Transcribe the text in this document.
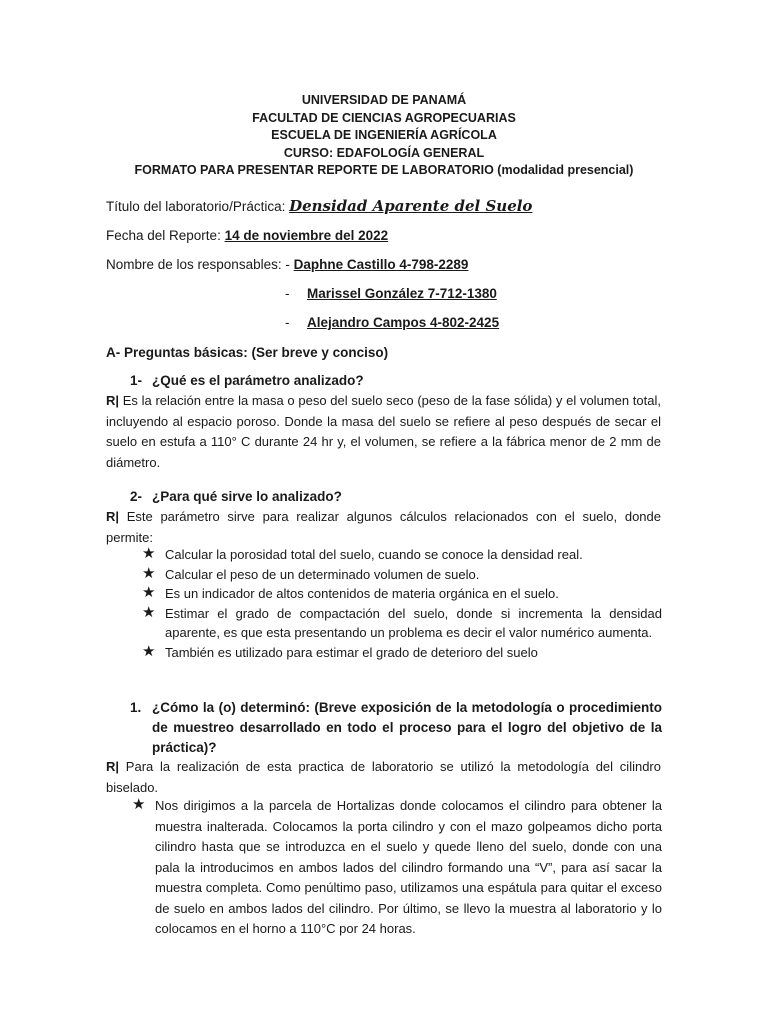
UNIVERSIDAD DE PANAMÁ
FACULTAD DE CIENCIAS AGROPECUARIAS
ESCUELA DE INGENIERÍA AGRÍCOLA
CURSO: EDAFOLOGÍA GENERAL
FORMATO PARA PRESENTAR REPORTE DE LABORATORIO (modalidad presencial)
Título del laboratorio/Práctica: Densidad Aparente del Suelo
Fecha del Reporte: 14 de noviembre del 2022
Nombre de los responsables: - Daphne Castillo 4-798-2289
- Marissel González 7-712-1380
- Alejandro Campos 4-802-2425
A- Preguntas básicas: (Ser breve y conciso)
1- ¿Qué es el parámetro analizado?
R| Es la relación entre la masa o peso del suelo seco (peso de la fase sólida) y el volumen total, incluyendo al espacio poroso. Donde la masa del suelo se refiere al peso después de secar el suelo en estufa a 110° C durante 24 hr y, el volumen, se refiere a la fábrica menor de 2 mm de diámetro.
2- ¿Para qué sirve lo analizado?
R| Este parámetro sirve para realizar algunos cálculos relacionados con el suelo, donde permite:
★ Calcular la porosidad total del suelo, cuando se conoce la densidad real.
★ Calcular el peso de un determinado volumen de suelo.
★ Es un indicador de altos contenidos de materia orgánica en el suelo.
★ Estimar el grado de compactación del suelo, donde si incrementa la densidad aparente, es que esta presentando un problema es decir el valor numérico aumenta.
★ También es utilizado para estimar el grado de deterioro del suelo
1. ¿Cómo la (o) determinó: (Breve exposición de la metodología o procedimiento de muestreo desarrollado en todo el proceso para el logro del objetivo de la práctica)?
R| Para la realización de esta practica de laboratorio se utilizó la metodología del cilindro biselado.
★ Nos dirigimos a la parcela de Hortalizas donde colocamos el cilindro para obtener la muestra inalterada. Colocamos la porta cilindro y con el mazo golpeamos dicho porta cilindro hasta que se introduzca en el suelo y quede lleno del suelo, donde con una pala la introducimos en ambos lados del cilindro formando una “V”, para así sacar la muestra completa. Como penúltimo paso, utilizamos una espátula para quitar el exceso de suelo en ambos lados del cilindro. Por último, se llevo la muestra al laboratorio y lo colocamos en el horno a 110°C por 24 horas.
